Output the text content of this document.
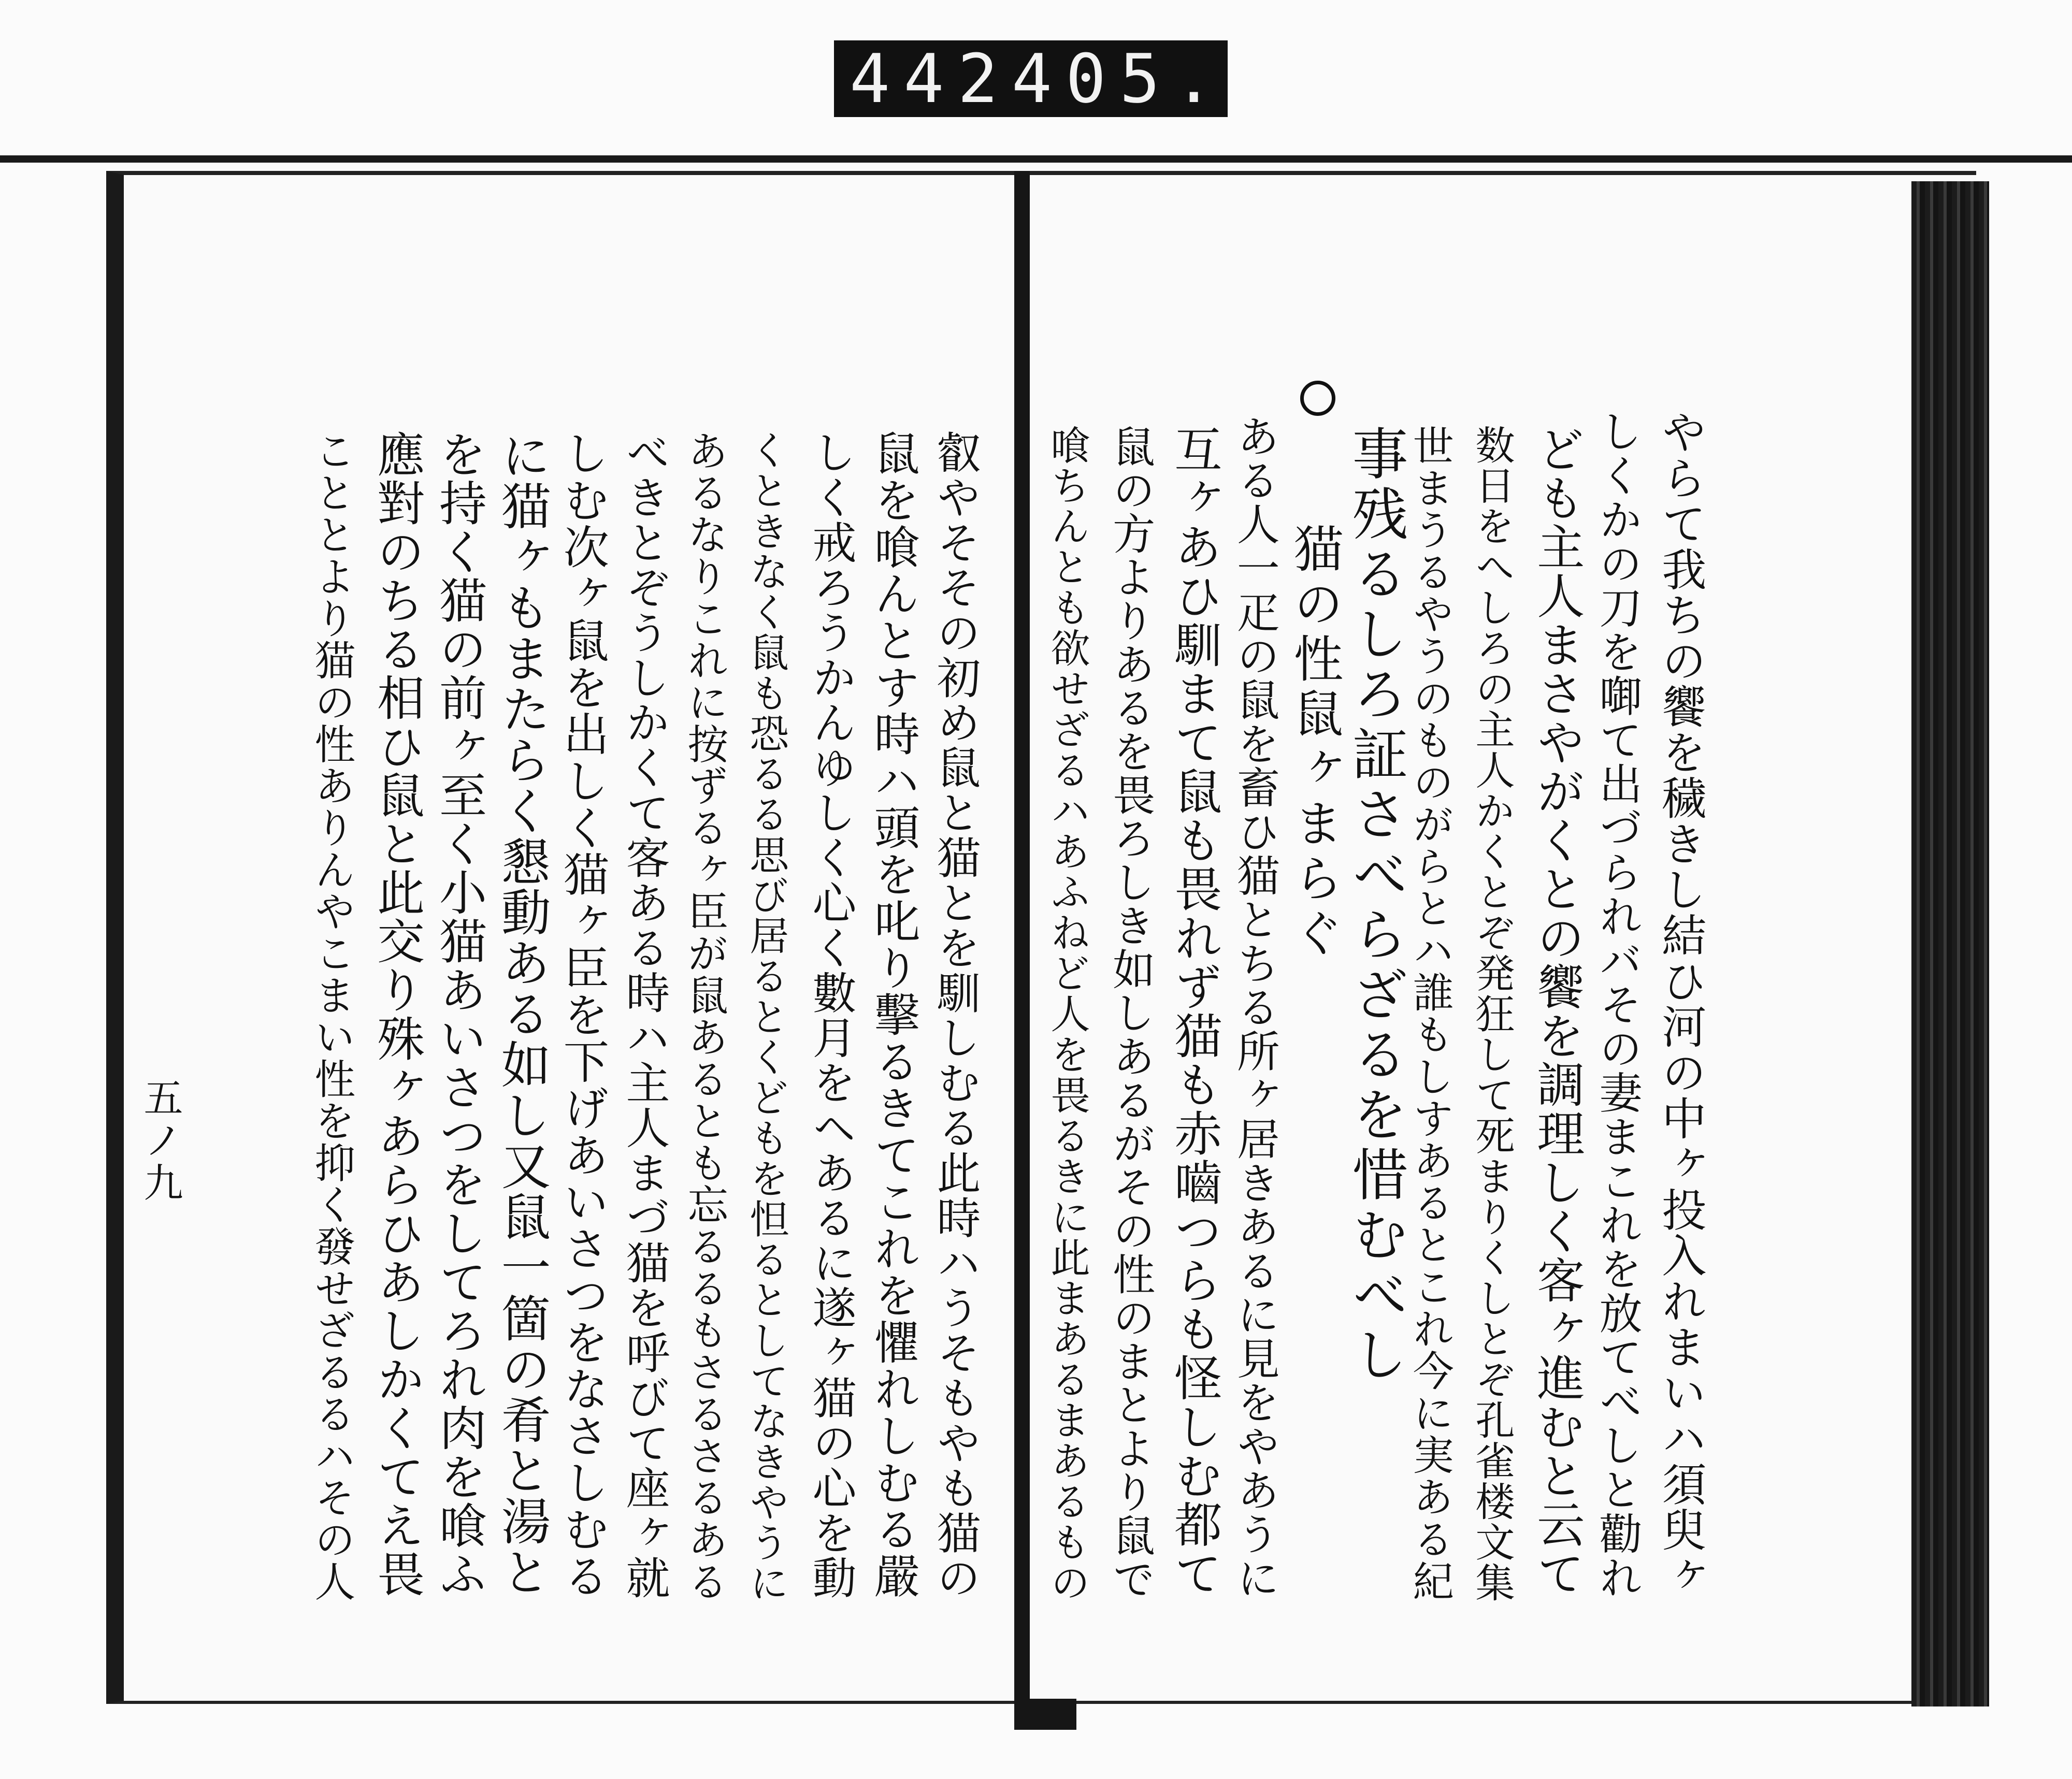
442 405.
五ノ九	やらて我ちの饗を穢きし結ひ河の中ヶ投入れまいハ須臾ヶ
しくかの刀を啣て出づられバその妻まこれを放てべしと勸れ
ども主人まさやがくとの饗を調理しく客ヶ進むと云て
数日をへしろの主人かくとぞ発狂して死まりくしとぞ孔雀楼文集
世まうるやうのものがらとハ誰もしすあるとこれ今に実ある紀
事残るしろ証さべらざるを惜むべし
猫の性鼠ヶまらぐ
ある人一疋の鼠を畜ひ猫とちる所ヶ居きあるに見をやあうに
互ヶあひ馴まて鼠も畏れず猫も赤嚙つらも怪しむ都て
鼠の方よりあるを畏ろしき如しあるがその性のまとより鼠で
喰ちんとも欲せざるハあふねど人を畏るきに此まあるまあるもの
叡やそその初め鼠と猫とを馴しむる此時ハうそもやも猫の
鼠を喰んとす時ハ頭を叱り擊るきてこれを懼れしむる嚴
しく戒ろうかんゆしく心く數月をヘあるに遂ヶ猫の心を動
くときなく鼠も恐るる思び居るとくどもを怛るとしてなきやうに
あるなりこれに按ずるヶ臣が鼠あるとも忘るるもさるさるある
べきとぞうしかくて客ある時ハ主人まづ猫を呼びて座ヶ就
しむ次ヶ鼠を出しく猫ヶ臣を下げあいさつをなさしむる
に猫ヶもまたらく懇動ある如し又鼠一箇の肴と湯と
を持く猫の前ヶ至く小猫あいさつをしてろれ肉を喰ふ
應對のちる相ひ鼠と此交り殊ヶあらひあしかくてえ畏
こととより猫の性ありんやこまい性を抑く發せざるるハその人
